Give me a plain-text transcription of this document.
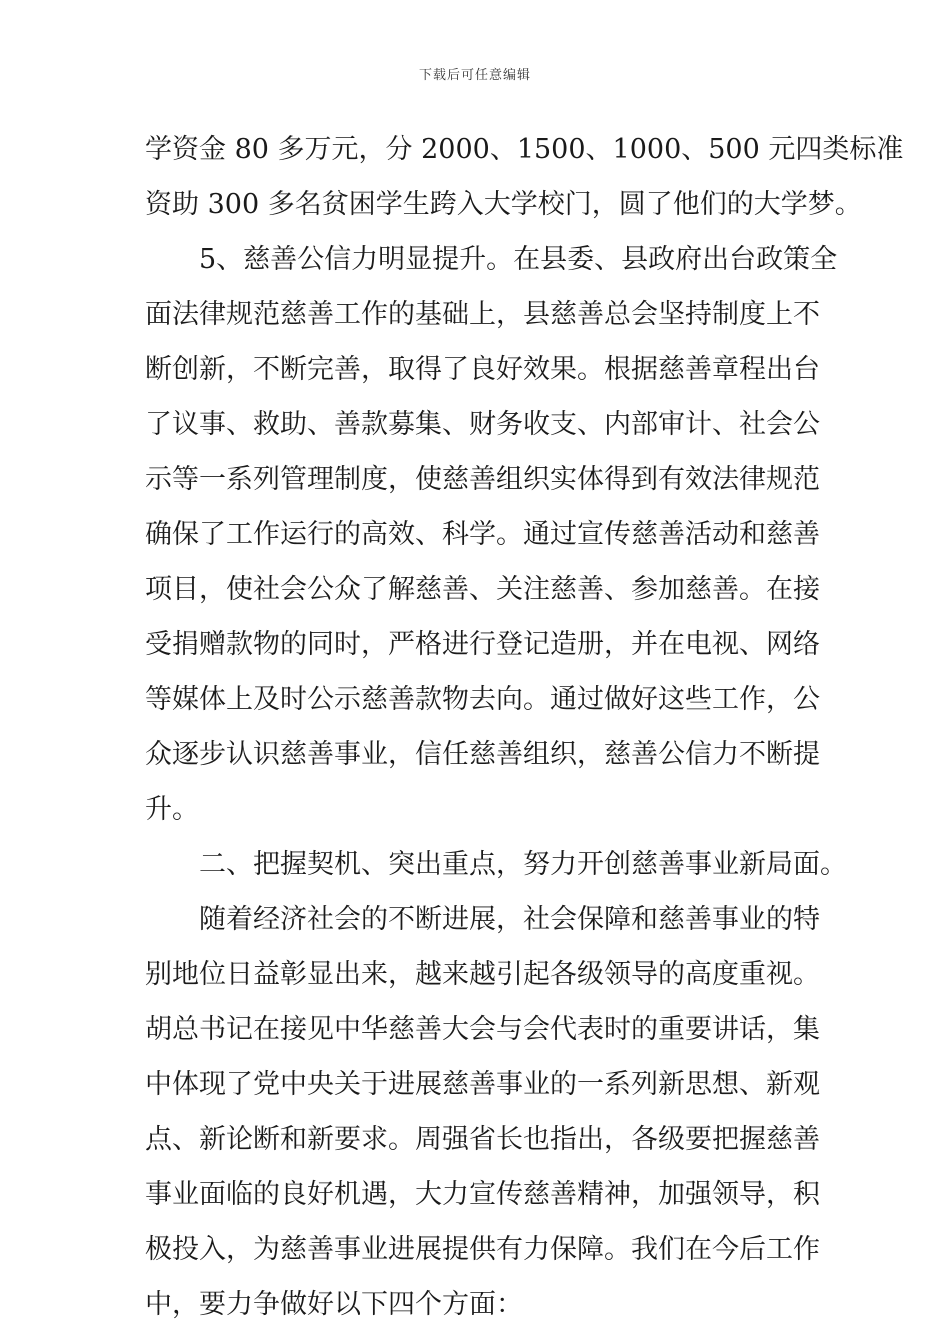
下载后可任意编辑
学资金 80 多万元，分 2000、1500、1000、500 元四类标准
资助 300 多名贫困学生跨入大学校门，圆了他们的大学梦。
5、慈善公信力明显提升。在县委、县政府出台政策全
面法律规范慈善工作的基础上，县慈善总会坚持制度上不
断创新，不断完善，取得了良好效果。根据慈善章程出台
了议事、救助、善款募集、财务收支、内部审计、社会公
示等一系列管理制度，使慈善组织实体得到有效法律规范
确保了工作运行的高效、科学。通过宣传慈善活动和慈善
项目，使社会公众了解慈善、关注慈善、参加慈善。在接
受捐赠款物的同时，严格进行登记造册，并在电视、网络
等媒体上及时公示慈善款物去向。通过做好这些工作，公
众逐步认识慈善事业，信任慈善组织，慈善公信力不断提
升。
二、把握契机、突出重点，努力开创慈善事业新局面。
随着经济社会的不断进展，社会保障和慈善事业的特
别地位日益彰显出来，越来越引起各级领导的高度重视。
胡总书记在接见中华慈善大会与会代表时的重要讲话，集
中体现了党中央关于进展慈善事业的一系列新思想、新观
点、新论断和新要求。周强省长也指出，各级要把握慈善
事业面临的良好机遇，大力宣传慈善精神，加强领导，积
极投入，为慈善事业进展提供有力保障。我们在今后工作
中，要力争做好以下四个方面：
